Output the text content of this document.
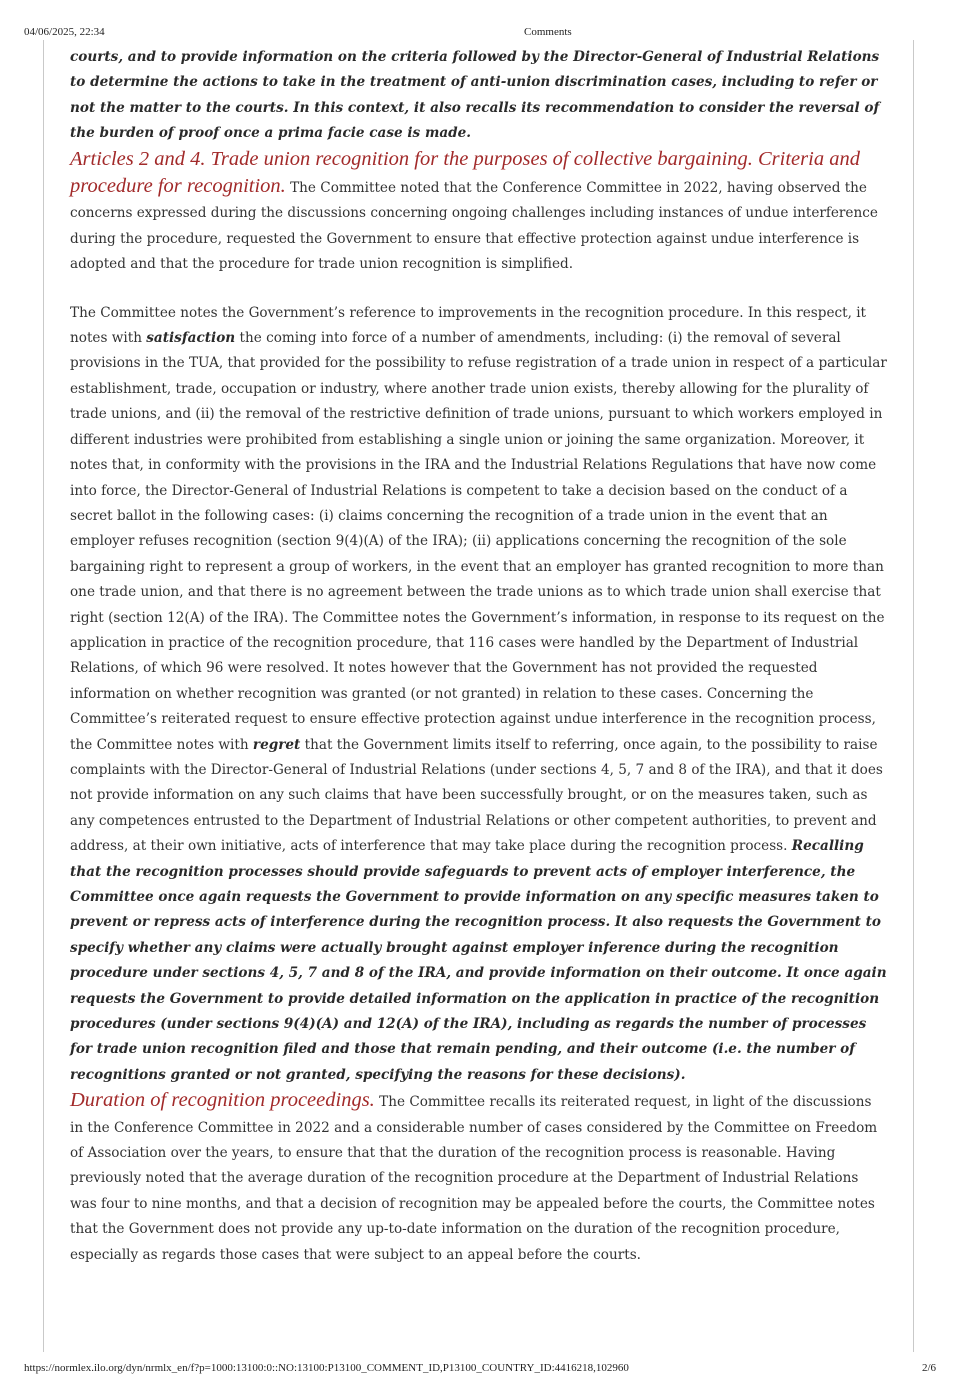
04/06/2025, 22:34	Comments

courts, and to provide information on the criteria followed by the Director-General of Industrial Relations to determine the actions to take in the treatment of anti-union discrimination cases, including to refer or not the matter to the courts. In this context, it also recalls its recommendation to consider the reversal of the burden of proof once a prima facie case is made.

Articles 2 and 4. Trade union recognition for the purposes of collective bargaining. Criteria and procedure for recognition. The Committee noted that the Conference Committee in 2022, having observed the concerns expressed during the discussions concerning ongoing challenges including instances of undue interference during the procedure, requested the Government to ensure that effective protection against undue interference is adopted and that the procedure for trade union recognition is simplified.

The Committee notes the Government’s reference to improvements in the recognition procedure. In this respect, it notes with satisfaction the coming into force of a number of amendments, including: (i) the removal of several provisions in the TUA, that provided for the possibility to refuse registration of a trade union in respect of a particular establishment, trade, occupation or industry, where another trade union exists, thereby allowing for the plurality of trade unions, and (ii) the removal of the restrictive definition of trade unions, pursuant to which workers employed in different industries were prohibited from establishing a single union or joining the same organization. Moreover, it notes that, in conformity with the provisions in the IRA and the Industrial Relations Regulations that have now come into force, the Director-General of Industrial Relations is competent to take a decision based on the conduct of a secret ballot in the following cases: (i) claims concerning the recognition of a trade union in the event that an employer refuses recognition (section 9(4)(A) of the IRA); (ii) applications concerning the recognition of the sole bargaining right to represent a group of workers, in the event that an employer has granted recognition to more than one trade union, and that there is no agreement between the trade unions as to which trade union shall exercise that right (section 12(A) of the IRA). The Committee notes the Government’s information, in response to its request on the application in practice of the recognition procedure, that 116 cases were handled by the Department of Industrial Relations, of which 96 were resolved. It notes however that the Government has not provided the requested information on whether recognition was granted (or not granted) in relation to these cases. Concerning the Committee’s reiterated request to ensure effective protection against undue interference in the recognition process, the Committee notes with regret that the Government limits itself to referring, once again, to the possibility to raise complaints with the Director-General of Industrial Relations (under sections 4, 5, 7 and 8 of the IRA), and that it does not provide information on any such claims that have been successfully brought, or on the measures taken, such as any competences entrusted to the Department of Industrial Relations or other competent authorities, to prevent and address, at their own initiative, acts of interference that may take place during the recognition process. Recalling that the recognition processes should provide safeguards to prevent acts of employer interference, the Committee once again requests the Government to provide information on any specific measures taken to prevent or repress acts of interference during the recognition process. It also requests the Government to specify whether any claims were actually brought against employer inference during the recognition procedure under sections 4, 5, 7 and 8 of the IRA, and provide information on their outcome. It once again requests the Government to provide detailed information on the application in practice of the recognition procedures (under sections 9(4)(A) and 12(A) of the IRA), including as regards the number of processes for trade union recognition filed and those that remain pending, and their outcome (i.e. the number of recognitions granted or not granted, specifying the reasons for these decisions).

Duration of recognition proceedings. The Committee recalls its reiterated request, in light of the discussions in the Conference Committee in 2022 and a considerable number of cases considered by the Committee on Freedom of Association over the years, to ensure that that the duration of the recognition process is reasonable. Having previously noted that the average duration of the recognition procedure at the Department of Industrial Relations was four to nine months, and that a decision of recognition may be appealed before the courts, the Committee notes that the Government does not provide any up-to-date information on the duration of the recognition procedure, especially as regards those cases that were subject to an appeal before the courts.

https://normlex.ilo.org/dyn/nrmlx_en/f?p=1000:13100:0::NO:13100:P13100_COMMENT_ID,P13100_COUNTRY_ID:4416218,102960	2/6
